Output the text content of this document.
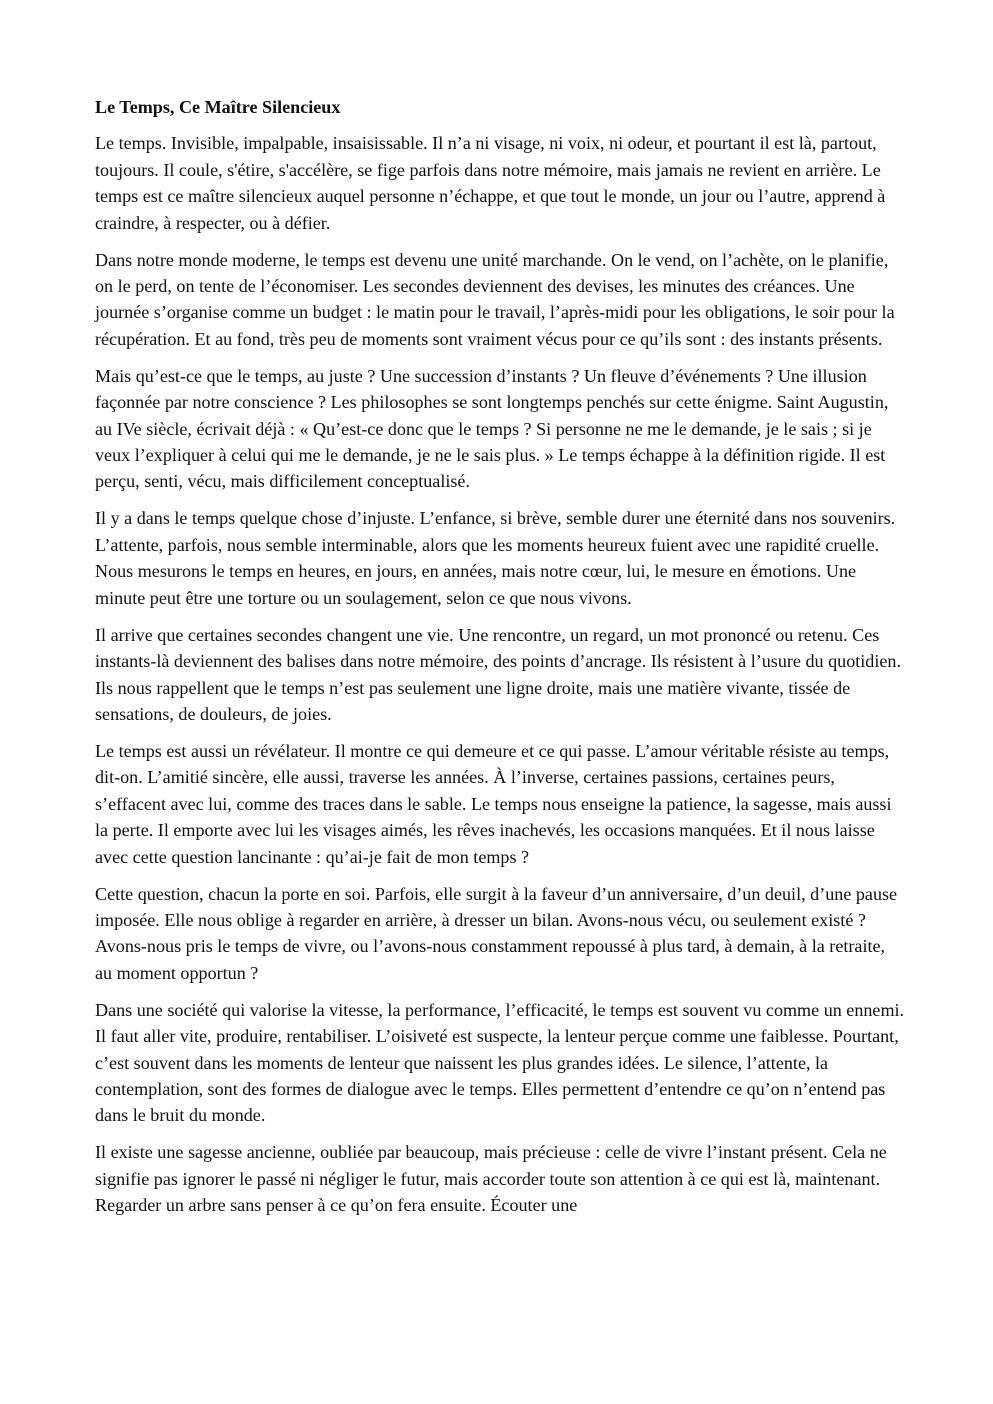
Le Temps, Ce Maître Silencieux

Le temps. Invisible, impalpable, insaisissable. Il n’a ni visage, ni voix, ni odeur, et pourtant il est là, partout, toujours. Il coule, s'étire, s'accélère, se fige parfois dans notre mémoire, mais jamais ne revient en arrière. Le temps est ce maître silencieux auquel personne n’échappe, et que tout le monde, un jour ou l’autre, apprend à craindre, à respecter, ou à défier.

Dans notre monde moderne, le temps est devenu une unité marchande. On le vend, on l’achète, on le planifie, on le perd, on tente de l’économiser. Les secondes deviennent des devises, les minutes des créances. Une journée s’organise comme un budget : le matin pour le travail, l’après-midi pour les obligations, le soir pour la récupération. Et au fond, très peu de moments sont vraiment vécus pour ce qu’ils sont : des instants présents.

Mais qu’est-ce que le temps, au juste ? Une succession d’instants ? Un fleuve d’événements ? Une illusion façonnée par notre conscience ? Les philosophes se sont longtemps penchés sur cette énigme. Saint Augustin, au IVe siècle, écrivait déjà : « Qu’est-ce donc que le temps ? Si personne ne me le demande, je le sais ; si je veux l’expliquer à celui qui me le demande, je ne le sais plus. » Le temps échappe à la définition rigide. Il est perçu, senti, vécu, mais difficilement conceptualisé.

Il y a dans le temps quelque chose d’injuste. L’enfance, si brève, semble durer une éternité dans nos souvenirs. L’attente, parfois, nous semble interminable, alors que les moments heureux fuient avec une rapidité cruelle. Nous mesurons le temps en heures, en jours, en années, mais notre cœur, lui, le mesure en émotions. Une minute peut être une torture ou un soulagement, selon ce que nous vivons.

Il arrive que certaines secondes changent une vie. Une rencontre, un regard, un mot prononcé ou retenu. Ces instants-là deviennent des balises dans notre mémoire, des points d’ancrage. Ils résistent à l’usure du quotidien. Ils nous rappellent que le temps n’est pas seulement une ligne droite, mais une matière vivante, tissée de sensations, de douleurs, de joies.

Le temps est aussi un révélateur. Il montre ce qui demeure et ce qui passe. L’amour véritable résiste au temps, dit-on. L’amitié sincère, elle aussi, traverse les années. À l’inverse, certaines passions, certaines peurs, s’effacent avec lui, comme des traces dans le sable. Le temps nous enseigne la patience, la sagesse, mais aussi la perte. Il emporte avec lui les visages aimés, les rêves inachevés, les occasions manquées. Et il nous laisse avec cette question lancinante : qu’ai-je fait de mon temps ?

Cette question, chacun la porte en soi. Parfois, elle surgit à la faveur d’un anniversaire, d’un deuil, d’une pause imposée. Elle nous oblige à regarder en arrière, à dresser un bilan. Avons-nous vécu, ou seulement existé ? Avons-nous pris le temps de vivre, ou l’avons-nous constamment repoussé à plus tard, à demain, à la retraite, au moment opportun ?

Dans une société qui valorise la vitesse, la performance, l’efficacité, le temps est souvent vu comme un ennemi. Il faut aller vite, produire, rentabiliser. L’oisiveté est suspecte, la lenteur perçue comme une faiblesse. Pourtant, c’est souvent dans les moments de lenteur que naissent les plus grandes idées. Le silence, l’attente, la contemplation, sont des formes de dialogue avec le temps. Elles permettent d’entendre ce qu’on n’entend pas dans le bruit du monde.

Il existe une sagesse ancienne, oubliée par beaucoup, mais précieuse : celle de vivre l’instant présent. Cela ne signifie pas ignorer le passé ni négliger le futur, mais accorder toute son attention à ce qui est là, maintenant. Regarder un arbre sans penser à ce qu’on fera ensuite. Écouter une
